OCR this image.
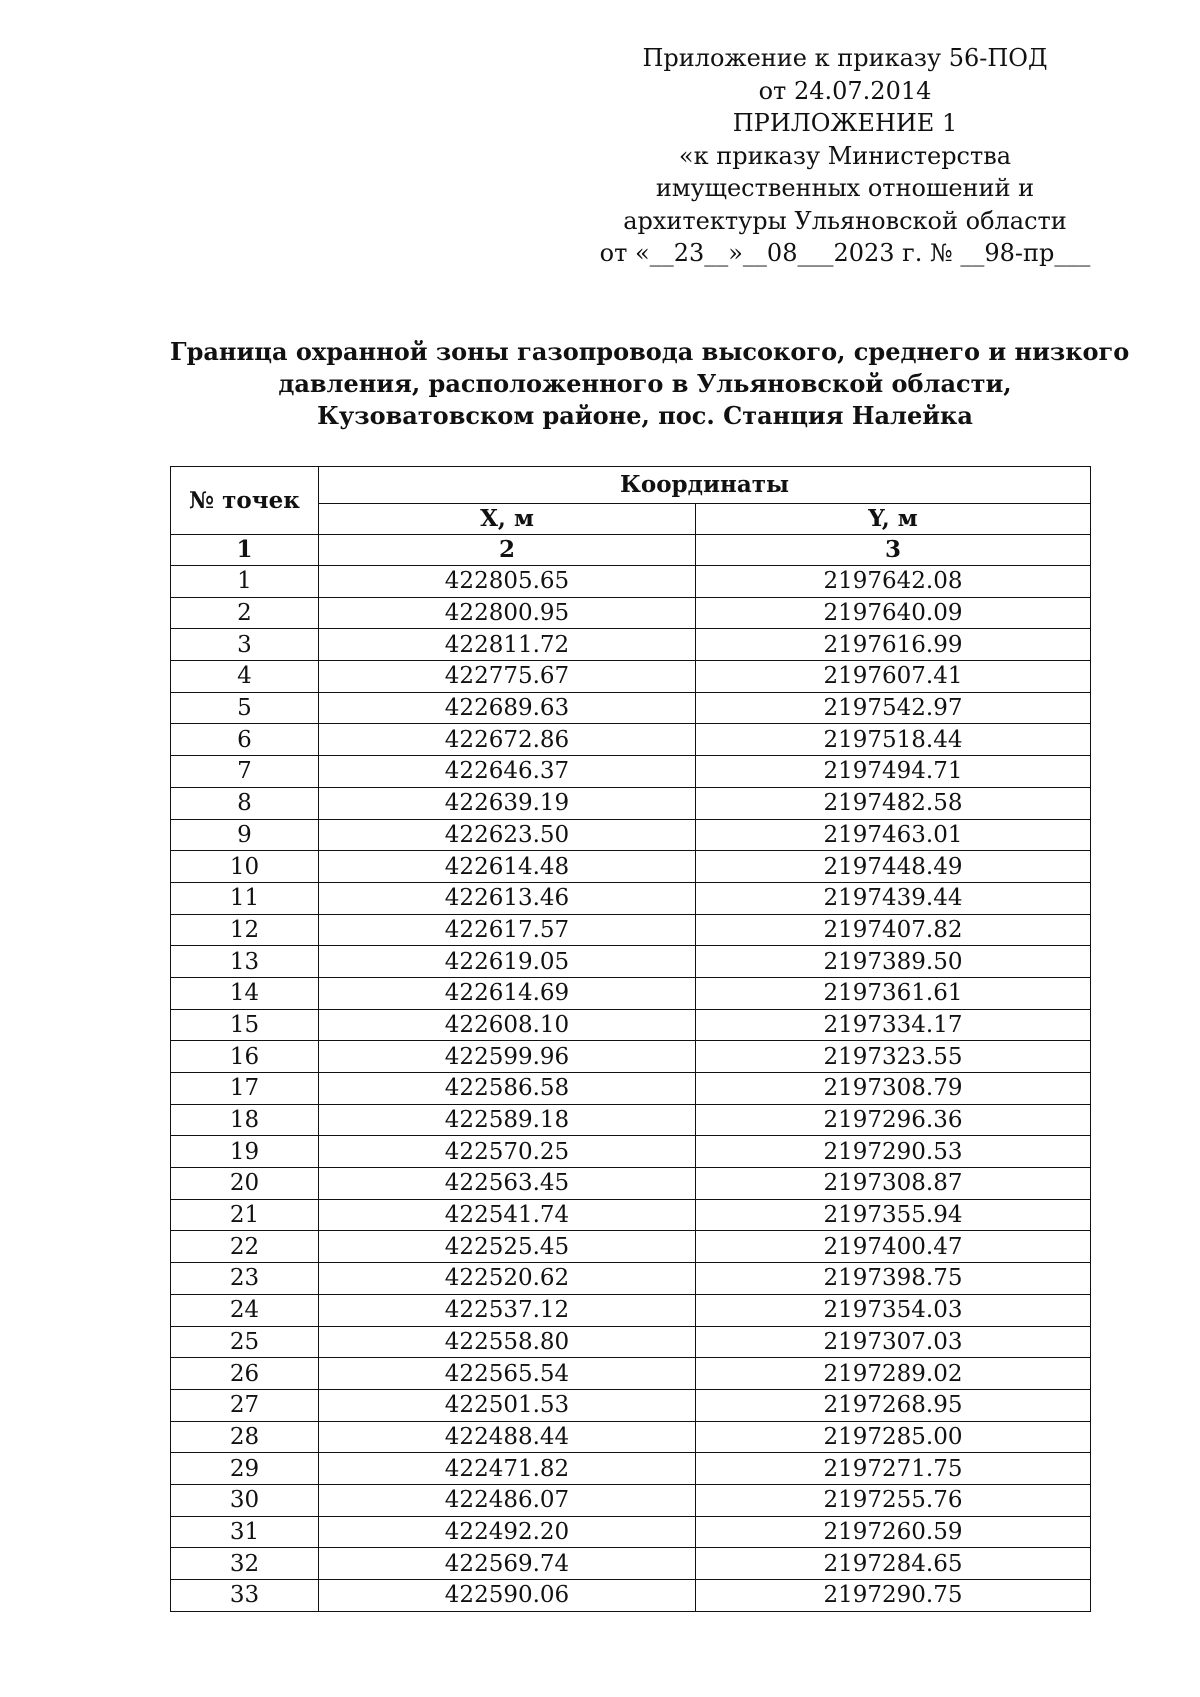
Приложение к приказу 56-ПОД
от 24.07.2014
ПРИЛОЖЕНИЕ 1
«к приказу Министерства
имущественных отношений и
архитектуры Ульяновской области
от «__23__»__08___2023 г. № __98-пр___
Граница охранной зоны газопровода высокого, среднего и низкого
давления, расположенного в Ульяновской области,
Кузоватовском районе, пос. Станция Налейка
№ точек	Координаты	
	X, м	Y, м
1	2	3
1	422805.65	2197642.08
2	422800.95	2197640.09
3	422811.72	2197616.99
4	422775.67	2197607.41
5	422689.63	2197542.97
6	422672.86	2197518.44
7	422646.37	2197494.71
8	422639.19	2197482.58
9	422623.50	2197463.01
10	422614.48	2197448.49
11	422613.46	2197439.44
12	422617.57	2197407.82
13	422619.05	2197389.50
14	422614.69	2197361.61
15	422608.10	2197334.17
16	422599.96	2197323.55
17	422586.58	2197308.79
18	422589.18	2197296.36
19	422570.25	2197290.53
20	422563.45	2197308.87
21	422541.74	2197355.94
22	422525.45	2197400.47
23	422520.62	2197398.75
24	422537.12	2197354.03
25	422558.80	2197307.03
26	422565.54	2197289.02
27	422501.53	2197268.95
28	422488.44	2197285.00
29	422471.82	2197271.75
30	422486.07	2197255.76
31	422492.20	2197260.59
32	422569.74	2197284.65
33	422590.06	2197290.75
